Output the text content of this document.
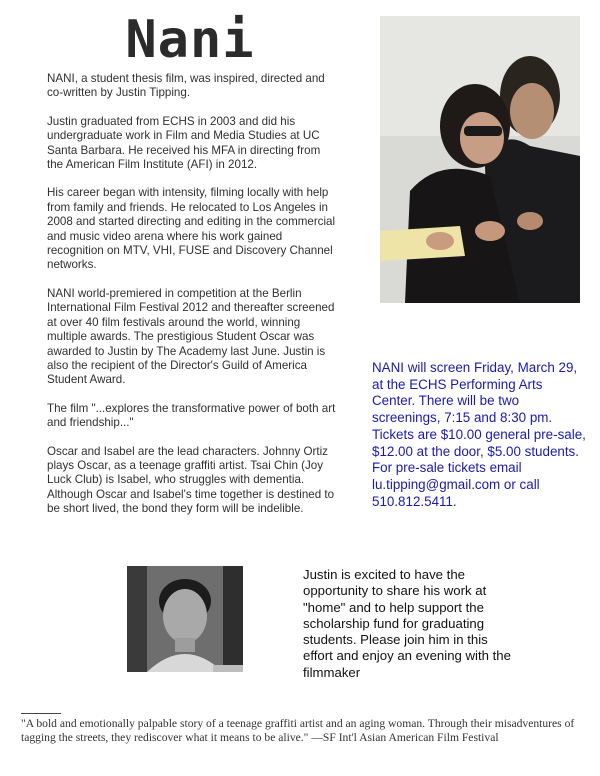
Nani

NANI, a student thesis film, was inspired, directed and co-written by Justin Tipping.

Justin graduated from ECHS in 2003 and did his undergraduate work in Film and Media Studies at UC Santa Barbara. He received his MFA in directing from the American Film Institute (AFI) in 2012.

His career began with intensity, filming locally with help from family and friends. He relocated to Los Angeles in 2008 and started directing and editing in the commercial and music video arena where his work gained recognition on MTV, VHI, FUSE and Discovery Channel networks.

NANI world-premiered in competition at the Berlin International Film Festival 2012 and thereafter screened at over 40 film festivals around the world, winning multiple awards. The prestigious Student Oscar was awarded to Justin by The Academy last June. Justin is also the recipient of the Director's Guild of America Student Award.

The film "...explores the transformative power of both art and friendship..."

Oscar and Isabel are the lead characters. Johnny Ortiz plays Oscar, as a teenage graffiti artist. Tsai Chin (Joy Luck Club) is Isabel, who struggles with dementia. Although Oscar and Isabel's time together is destined to be short lived, the bond they form will be indelible.

NANI will screen Friday, March 29, at the ECHS Performing Arts Center. There will be two screenings, 7:15 and 8:30 pm. Tickets are $10.00 general pre-sale, $12.00 at the door, $5.00 students. For pre-sale tickets email lu.tipping@gmail.com or call 510.812.5411.
Justin is excited to have the opportunity to share his work at "home" and to help support the scholarship fund for graduating students. Please join him in this effort and enjoy an evening with the filmmaker
"A bold and emotionally palpable story of a teenage graffiti artist and an aging woman. Through their misadventures of tagging the streets, they rediscover what it means to be alive." —SF Int'l Asian American Film Festival
